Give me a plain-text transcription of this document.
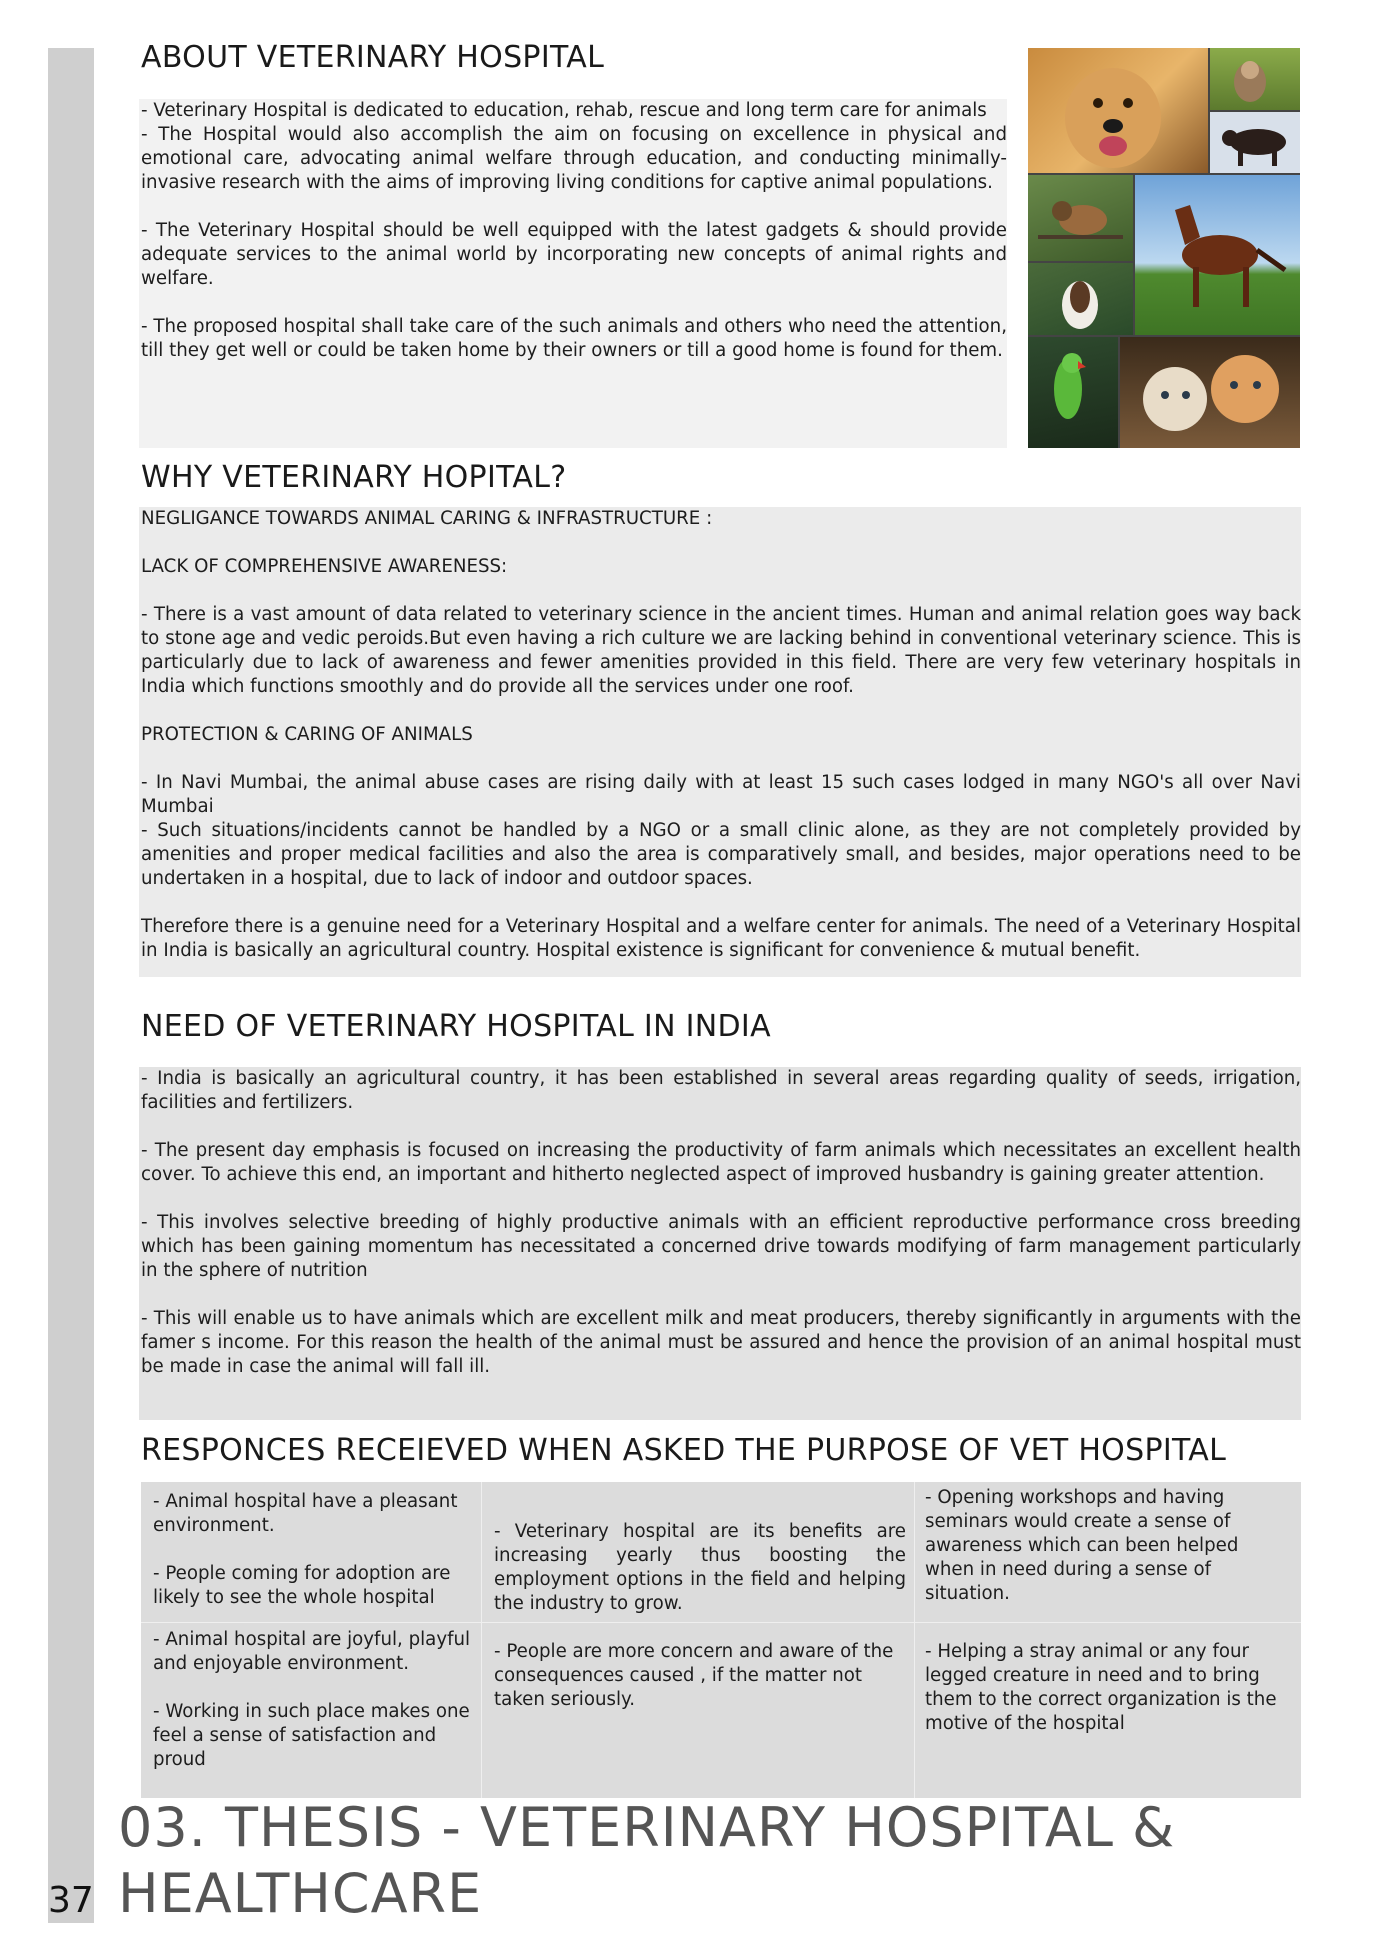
37
ABOUT VETERINARY HOSPITAL

- Veterinary Hospital is dedicated to education, rehab, rescue and long term care for animals

- The Hospital would also accomplish the aim on focusing on excellence in physical and emotional care, advocating animal welfare through education, and conducting minimally-invasive research with the aims of improving living conditions for captive animal populations.

- The Veterinary Hospital should be well equipped with the latest gadgets & should provide adequate services to the animal world by incorporating new concepts of animal rights and welfare.

- The proposed hospital shall take care of the such animals and others who need the attention, till they get well or could be taken home by their owners or till a good home is found for them.

WHY VETERINARY HOPITAL?

NEGLIGANCE TOWARDS ANIMAL CARING & INFRASTRUCTURE :

LACK OF COMPREHENSIVE AWARENESS:

- There is a vast amount of data related to veterinary science in the ancient times. Human and animal relation goes way back to stone age and vedic peroids.But even having a rich culture we are lacking behind in conventional veterinary science. This is particularly due to lack of awareness and fewer amenities provided in this field. There are very few veterinary hospitals in India which functions smoothly and do provide all the services under one roof.

PROTECTION & CARING OF ANIMALS

- In Navi Mumbai, the animal abuse cases are rising daily with at least 15 such cases lodged in many NGO's all over Navi Mumbai

- Such situations/incidents cannot be handled by a NGO or a small clinic alone, as they are not completely provided by amenities and proper medical facilities and also the area is comparatively small, and besides, major operations need to be undertaken in a hospital, due to lack of indoor and outdoor spaces.

Therefore there is a genuine need for a Veterinary Hospital and a welfare center for animals. The need of a Veterinary Hospital in India is basically an agricultural country. Hospital existence is significant for convenience & mutual benefit.

NEED OF VETERINARY HOSPITAL IN INDIA

- India is basically an agricultural country, it has been established in several areas regarding quality of seeds, irrigation, facilities and fertilizers.

- The present day emphasis is focused on increasing the productivity of farm animals which necessitates an excellent health cover. To achieve this end, an important and hitherto neglected aspect of improved husbandry is gaining greater attention.

- This involves selective breeding of highly productive animals with an efficient reproductive performance cross breeding which has been gaining momentum has necessitated a concerned drive towards modifying of farm management particularly in the sphere of nutrition

- This will enable us to have animals which are excellent milk and meat producers, thereby significantly in arguments with the famer s income. For this reason the health of the animal must be assured and hence the provision of an animal hospital must be made in case the animal will fall ill.

RESPONCES RECEIEVED WHEN ASKED THE PURPOSE OF VET HOSPITAL

- Animal hospital have a pleasant environment.

- People coming for adoption are likely to see the whole hospital

- Animal hospital are joyful, playful and enjoyable environment.

- Working in such place makes one feel a sense of satisfaction and proud

- Veterinary hospital are its benefits are increasing yearly thus boosting the employment options in the field and helping the industry to grow.

- People are more concern and aware of the consequences caused , if the matter not taken seriously.

- Opening workshops and having seminars would create a sense of awareness which can been helped when in need during a sense of situation.

- Helping a stray animal or any four legged creature in need and to bring them to the correct organization is the motive of the hospital

03. THESIS - VETERINARY HOSPITAL &
HEALTHCARE
